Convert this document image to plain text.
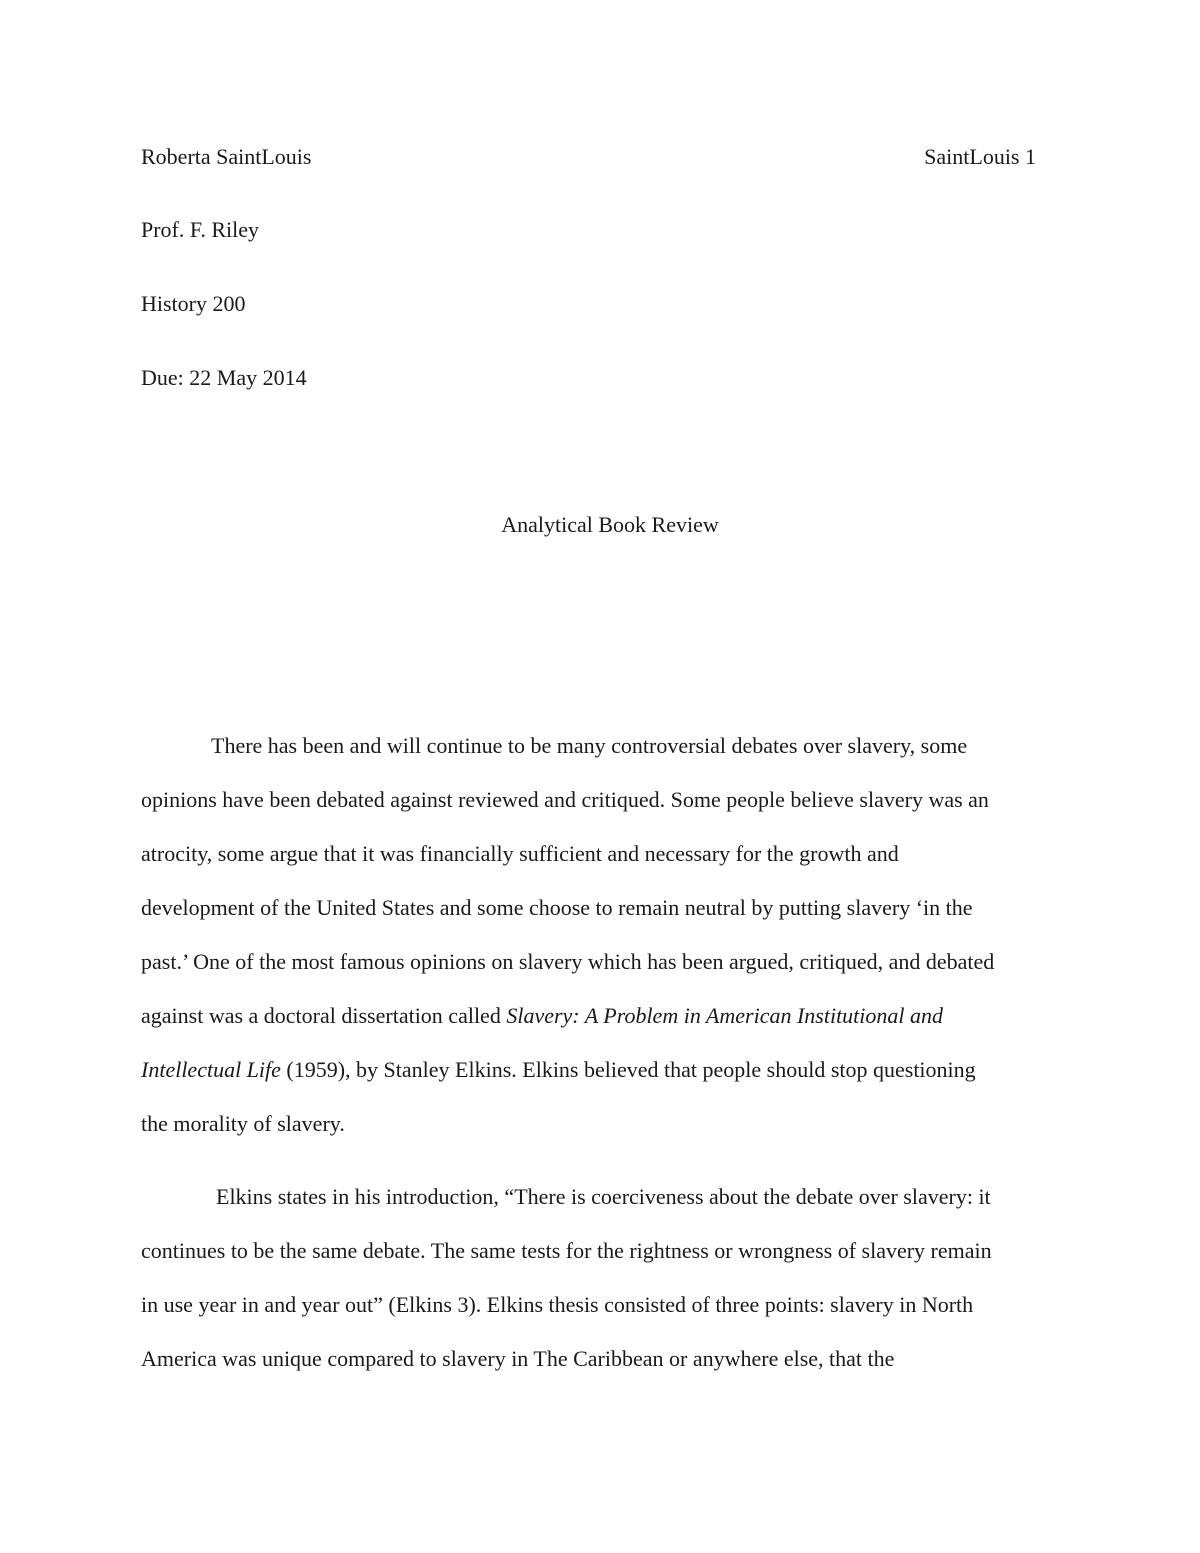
Roberta SaintLouis	SaintLouis 1
Prof. F. Riley
History 200
Due: 22 May 2014
Analytical Book Review
There has been and will continue to be many controversial debates over slavery, some
opinions have been debated against reviewed and critiqued. Some people believe slavery was an
atrocity, some argue that it was financially sufficient and necessary for the growth and
development of the United States and some choose to remain neutral by putting slavery ‘in the
past.’ One of the most famous opinions on slavery which has been argued, critiqued, and debated
against was a doctoral dissertation called Slavery: A Problem in American Institutional and
Intellectual Life (1959), by Stanley Elkins. Elkins believed that people should stop questioning
the morality of slavery.
Elkins states in his introduction, “There is coerciveness about the debate over slavery: it
continues to be the same debate. The same tests for the rightness or wrongness of slavery remain
in use year in and year out” (Elkins 3). Elkins thesis consisted of three points: slavery in North
America was unique compared to slavery in The Caribbean or anywhere else, that the
